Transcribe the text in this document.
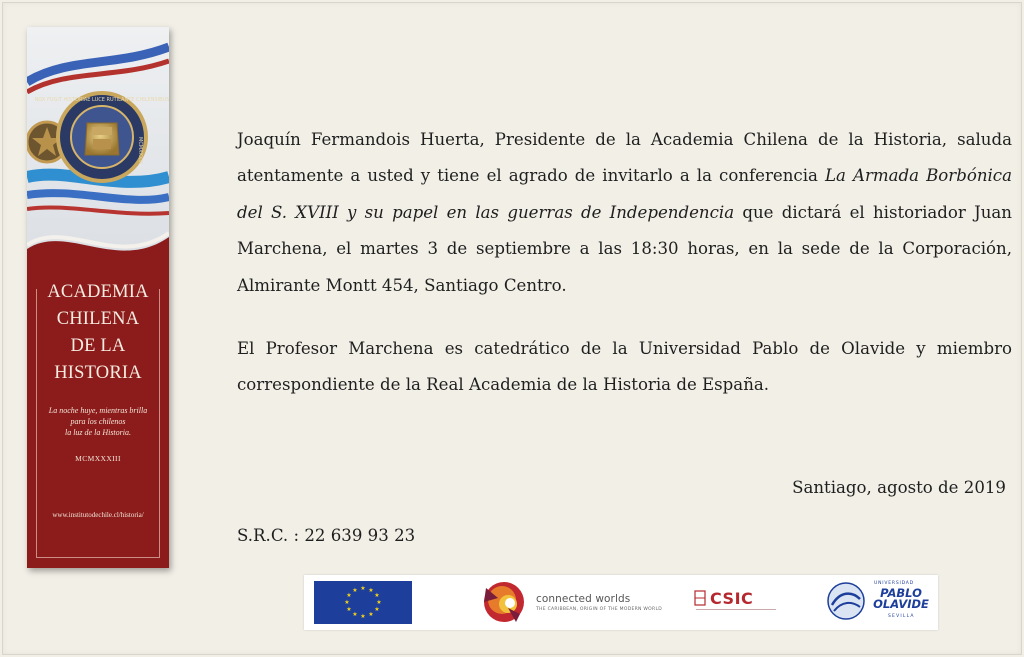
NOX FUGIT HISTORIAE LUCE RUTILANTE CHILENSIBUS
MCMXXXIII
ACADEMIA
CHILENA
DE LA
HISTORIA
La noche huye, mientras brilla
para los chilenos
la luz de la Historia.
MCMXXXIII
www.institutodechile.cl/historia/

Joaquín Fermandois Huerta, Presidente de la Academia Chilena de la Historia, saluda atentamente a usted y tiene el agrado de invitarlo a la conferencia La Armada Borbónica del S. XVIII y su papel en las guerras de Independencia que dictará el historiador Juan Marchena, el martes 3 de septiembre a las 18:30 horas, en la sede de la Corporación, Almirante Montt 454, Santiago Centro.

El Profesor Marchena es catedrático de la Universidad Pablo de Olavide y miembro correspondiente de la Real Academia de la Historia de España.

Santiago, agosto de 2019
S.R.C. : 22 639 93 23
★ ★
★
★
★
★
★
★
★
★
★
★
connected worlds
THE CARIBBEAN, ORIGIN OF THE MODERN WORLD
CSIC
UNIVERSIDAD
PABLO
OLAVIDE
SEVILLA
